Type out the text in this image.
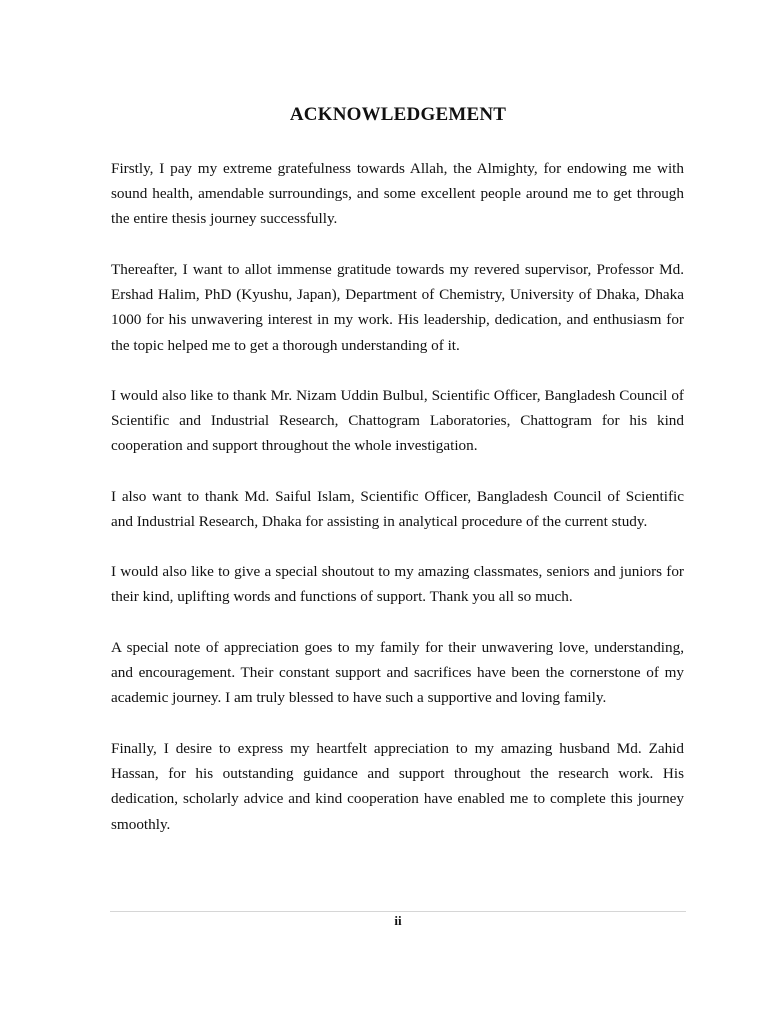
ACKNOWLEDGEMENT

Firstly, I pay my extreme gratefulness towards Allah, the Almighty, for endowing me with sound health, amendable surroundings, and some excellent people around me to get through the entire thesis journey successfully.

Thereafter, I want to allot immense gratitude towards my revered supervisor, Professor Md. Ershad Halim, PhD (Kyushu, Japan), Department of Chemistry, University of Dhaka, Dhaka 1000 for his unwavering interest in my work. His leadership, dedication, and enthusiasm for the topic helped me to get a thorough understanding of it.

I would also like to thank Mr. Nizam Uddin Bulbul, Scientific Officer, Bangladesh Council of Scientific and Industrial Research, Chattogram Laboratories, Chattogram for his kind cooperation and support throughout the whole investigation.

I also want to thank Md. Saiful Islam, Scientific Officer, Bangladesh Council of Scientific and Industrial Research, Dhaka for assisting in analytical procedure of the current study.

I would also like to give a special shoutout to my amazing classmates, seniors and juniors for their kind, uplifting words and functions of support. Thank you all so much.

A special note of appreciation goes to my family for their unwavering love, understanding, and encouragement. Their constant support and sacrifices have been the cornerstone of my academic journey. I am truly blessed to have such a supportive and loving family.

Finally, I desire to express my heartfelt appreciation to my amazing husband Md. Zahid Hassan, for his outstanding guidance and support throughout the research work. His dedication, scholarly advice and kind cooperation have enabled me to complete this journey smoothly.

ii
